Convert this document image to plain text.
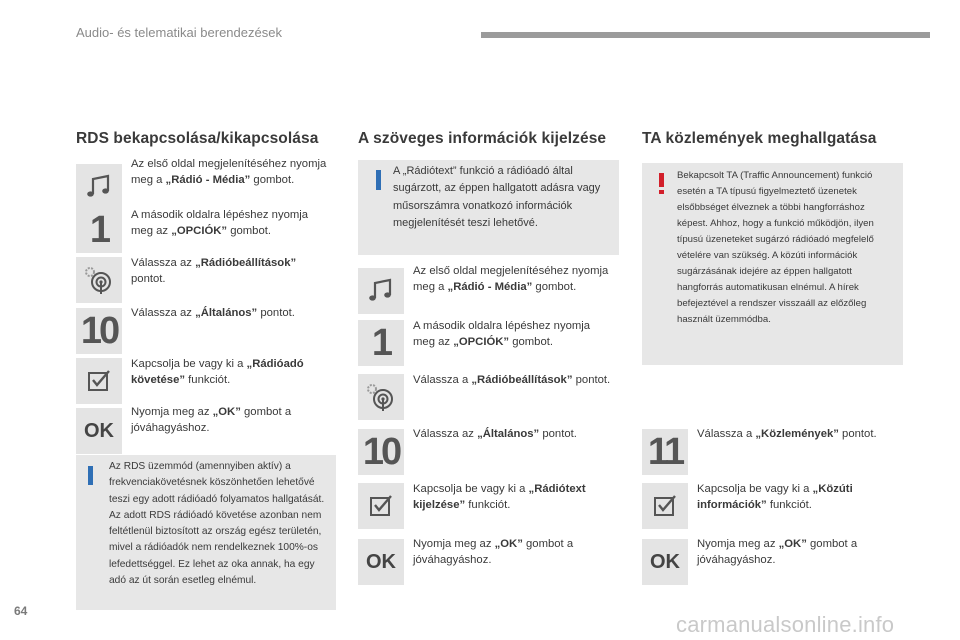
Audio- és telematikai berendezések
RDS bekapcsolása/kikapcsolása
Az első oldal megjelenítéséhez nyomja meg a „Rádió - Média” gombot.
1 A második oldalra lépéshez nyomja meg az „OPCIÓK” gombot.
Válassza az „Rádióbeállítások” pontot.
10 Válassza az „Általános” pontot.
Kapcsolja be vagy ki a „Rádióadó követése” funkciót.
OK
Nyomja meg az „OK” gombot a jóváhagyáshoz.
Az RDS üzemmód (amennyiben aktív) a frekvenciakövetésnek köszönhetően lehetővé teszi egy adott rádióadó folyamatos hallgatását. Az adott RDS rádióadó követése azonban nem feltétlenül biztosított az ország egész területén, mivel a rádióadók nem rendelkeznek 100%-os lefedettséggel. Ez lehet az oka annak, ha egy adó az út során esetleg elnémul.
A szöveges információk kijelzése
A „Rádiótext” funkció a rádióadó által sugárzott, az éppen hallgatott adásra vagy műsorszámra vonatkozó információk megjelenítését teszi lehetővé.
Az első oldal megjelenítéséhez nyomja meg a „Rádió - Média” gombot.
1 A második oldalra lépéshez nyomja meg az „OPCIÓK” gombot.
Válassza a „Rádióbeállítások” pontot.
10 Válassza az „Általános” pontot.
Kapcsolja be vagy ki a „Rádiótext kijelzése” funkciót.
OK
Nyomja meg az „OK” gombot a jóváhagyáshoz.
TA közlemények meghallgatása
Bekapcsolt TA (Traffic Announcement) funkció esetén a TA típusú figyelmeztető üzenetek elsőbbséget élveznek a többi hangforráshoz képest. Ahhoz, hogy a funkció működjön, ilyen típusú üzeneteket sugárzó rádióadó megfelelő vételére van szükség. A közúti információk sugárzásának idejére az éppen hallgatott hangforrás automatikusan elnémul. A hírek befejeztével a rendszer visszaáll az előzőleg használt üzemmódba.
11 Válassza a „Közlemények” pontot.
Kapcsolja be vagy ki a „Közúti információk” funkciót.
OK
Nyomja meg az „OK” gombot a jóváhagyáshoz.
64
carmanualsonline.info
